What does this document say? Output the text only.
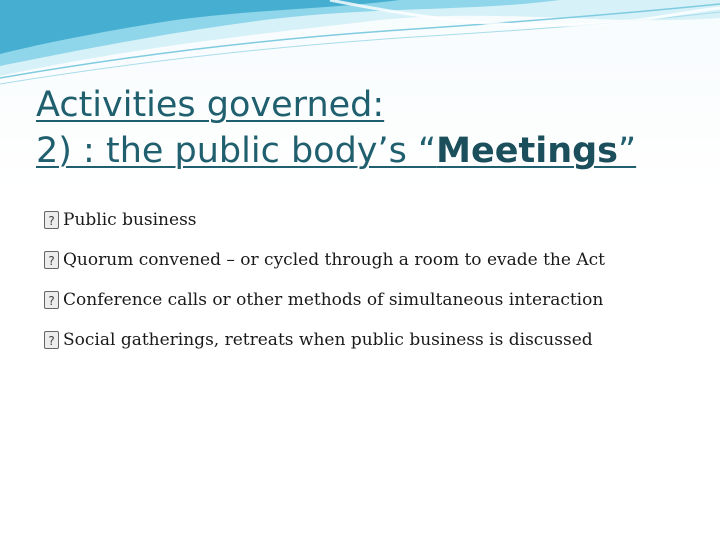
Activities governed:
2) : the public body’s “Meetings”
? Public business
? Quorum convened – or cycled through a room to evade the Act
? Conference calls or other methods of simultaneous interaction
? Social gatherings, retreats when public business is discussed
